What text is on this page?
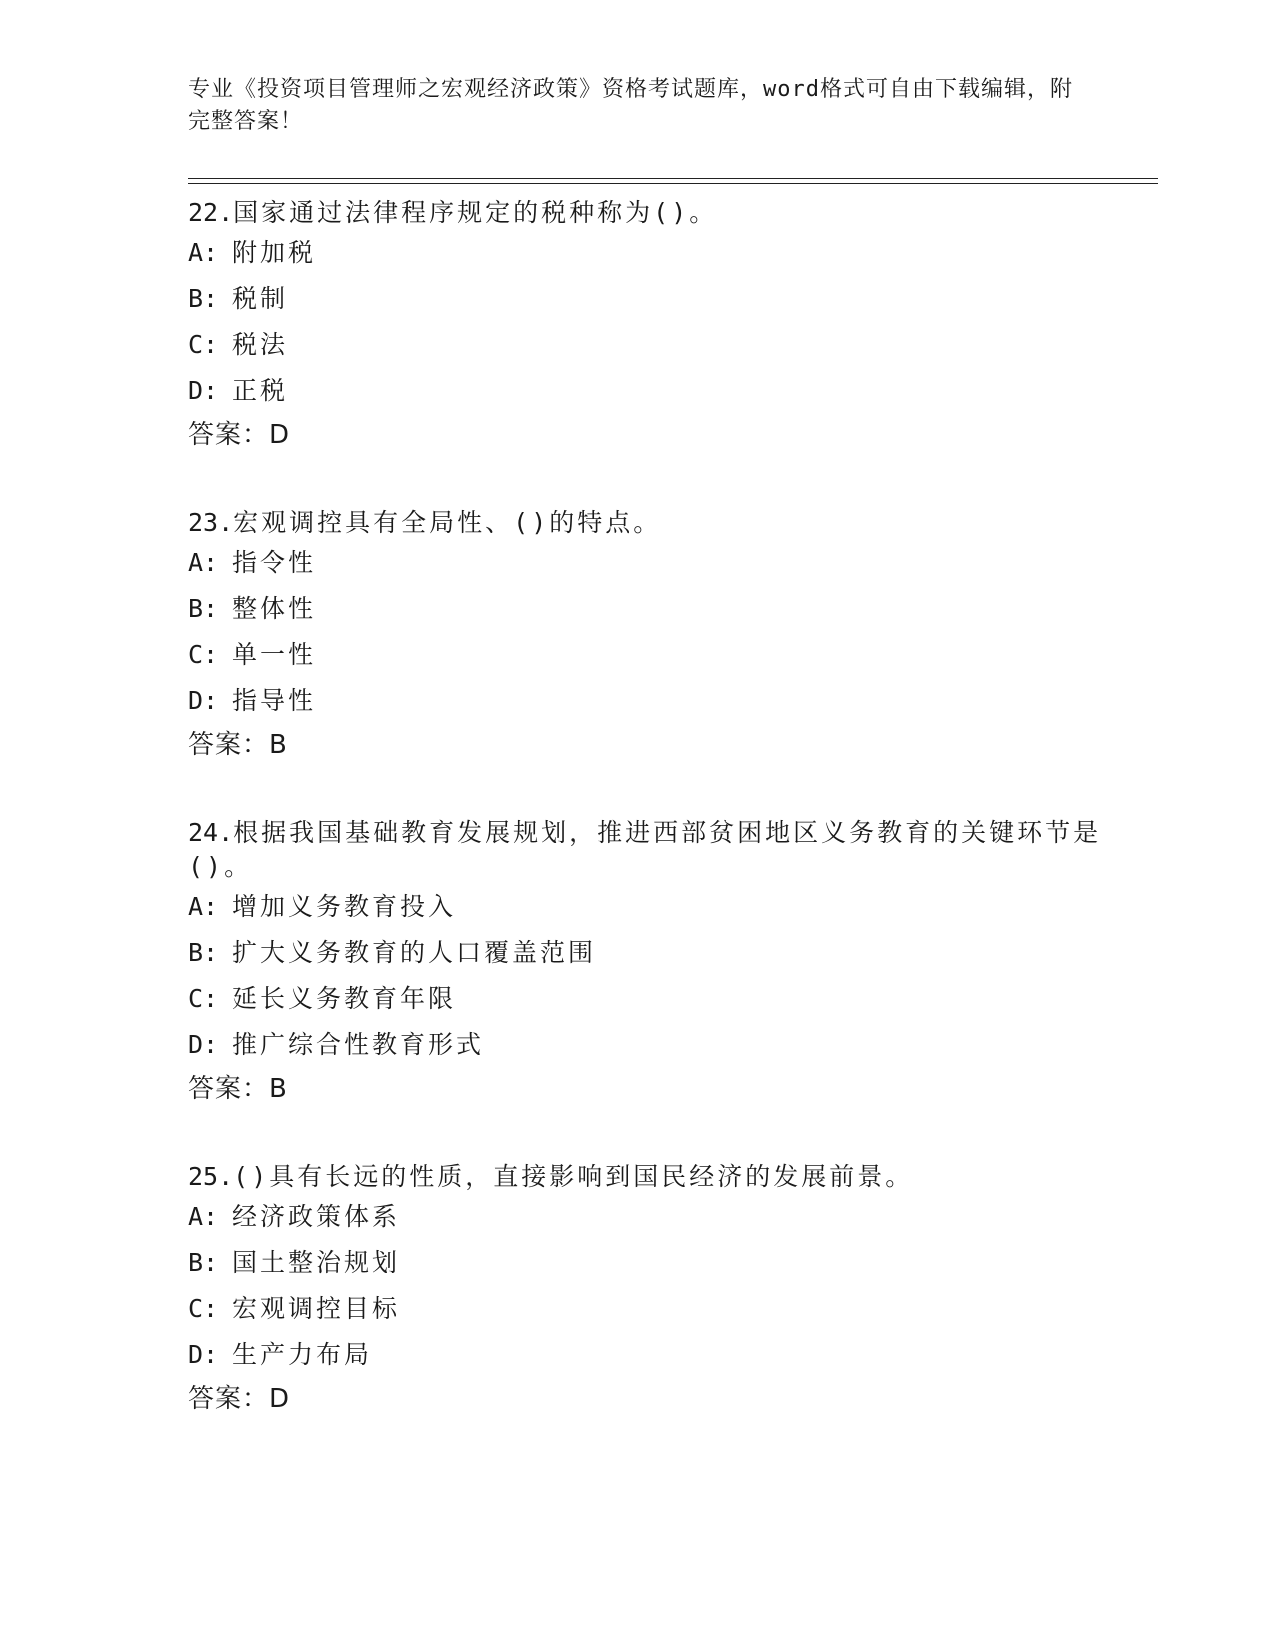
专业《投资项目管理师之宏观经济政策》资格考试题库，word格式可自由下载编辑，附完整答案！

22.国家通过法律程序规定的税种称为()。

A: 附加税

B: 税制

C: 税法

D: 正税

答案：D

23.宏观调控具有全局性、()的特点。

A: 指令性

B: 整体性

C: 单一性

D: 指导性

答案：B

24.根据我国基础教育发展规划，推进西部贫困地区义务教育的关键环节是()。

A: 增加义务教育投入

B: 扩大义务教育的人口覆盖范围

C: 延长义务教育年限

D: 推广综合性教育形式

答案：B

25.()具有长远的性质，直接影响到国民经济的发展前景。

A: 经济政策体系

B: 国土整治规划

C: 宏观调控目标

D: 生产力布局

答案：D
